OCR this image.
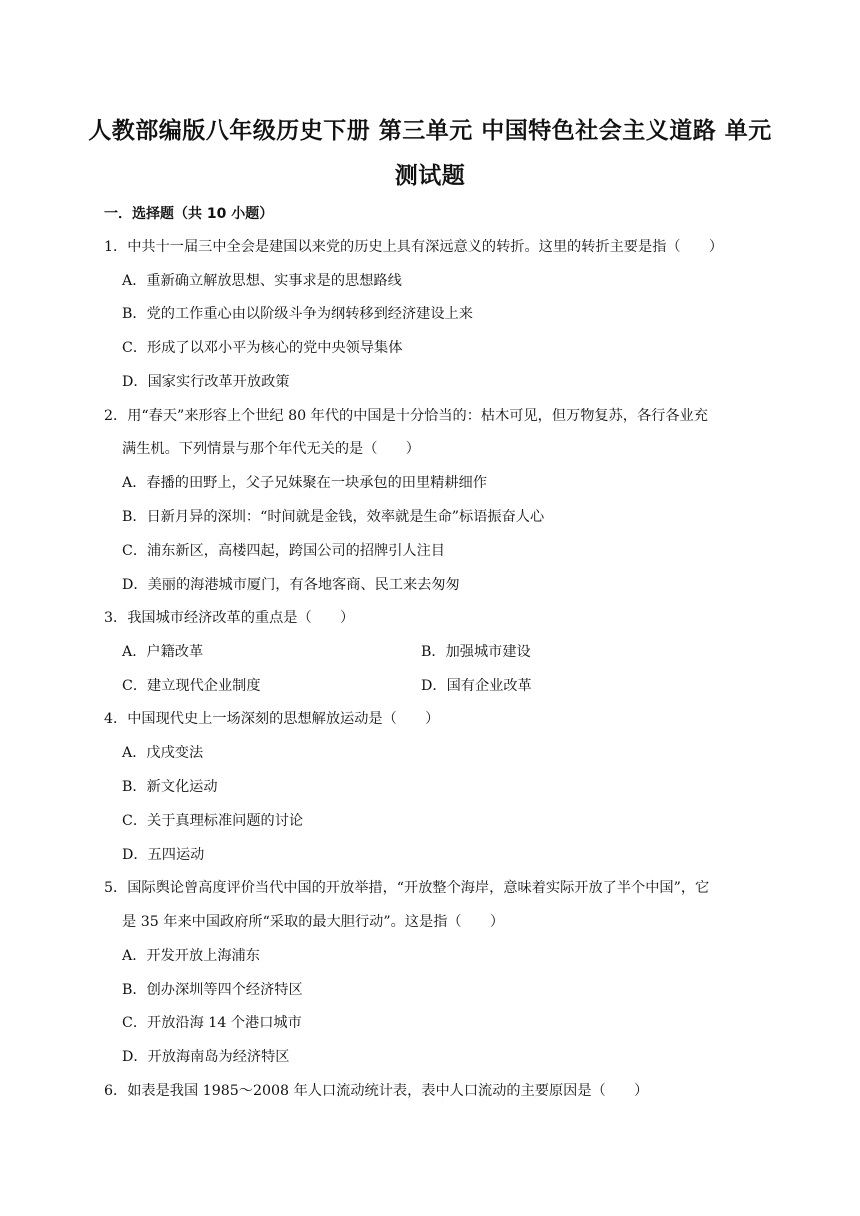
人教部编版八年级历史下册 第三单元 中国特色社会主义道路 单元
测试题
一．选择题（共 10 小题）
1．中共十一届三中全会是建国以来党的历史上具有深远意义的转折。这里的转折主要是指（　　）
A．重新确立解放思想、实事求是的思想路线
B．党的工作重心由以阶级斗争为纲转移到经济建设上来
C．形成了以邓小平为核心的党中央领导集体
D．国家实行改革开放政策
2．用“春天”来形容上个世纪 80 年代的中国是十分恰当的：枯木可见，但万物复苏，各行各业充
满生机。下列情景与那个年代无关的是（　　）
A．春播的田野上，父子兄妹聚在一块承包的田里精耕细作
B．日新月异的深圳：“时间就是金钱，效率就是生命”标语振奋人心
C．浦东新区，高楼四起，跨国公司的招牌引人注目
D．美丽的海港城市厦门，有各地客商、民工来去匆匆
3．我国城市经济改革的重点是（　　）
A．户籍改革	B．加强城市建设
C．建立现代企业制度	D．国有企业改革
4．中国现代史上一场深刻的思想解放运动是（　　）
A．戊戌变法
B．新文化运动
C．关于真理标准问题的讨论
D．五四运动
5．国际舆论曾高度评价当代中国的开放举措，“开放整个海岸，意味着实际开放了半个中国”，它
是 35 年来中国政府所“采取的最大胆行动”。这是指（　　）
A．开发开放上海浦东
B．创办深圳等四个经济特区
C．开放沿海 14 个港口城市
D．开放海南岛为经济特区
6．如表是我国 1985～2008 年人口流动统计表，表中人口流动的主要原因是（　　）
